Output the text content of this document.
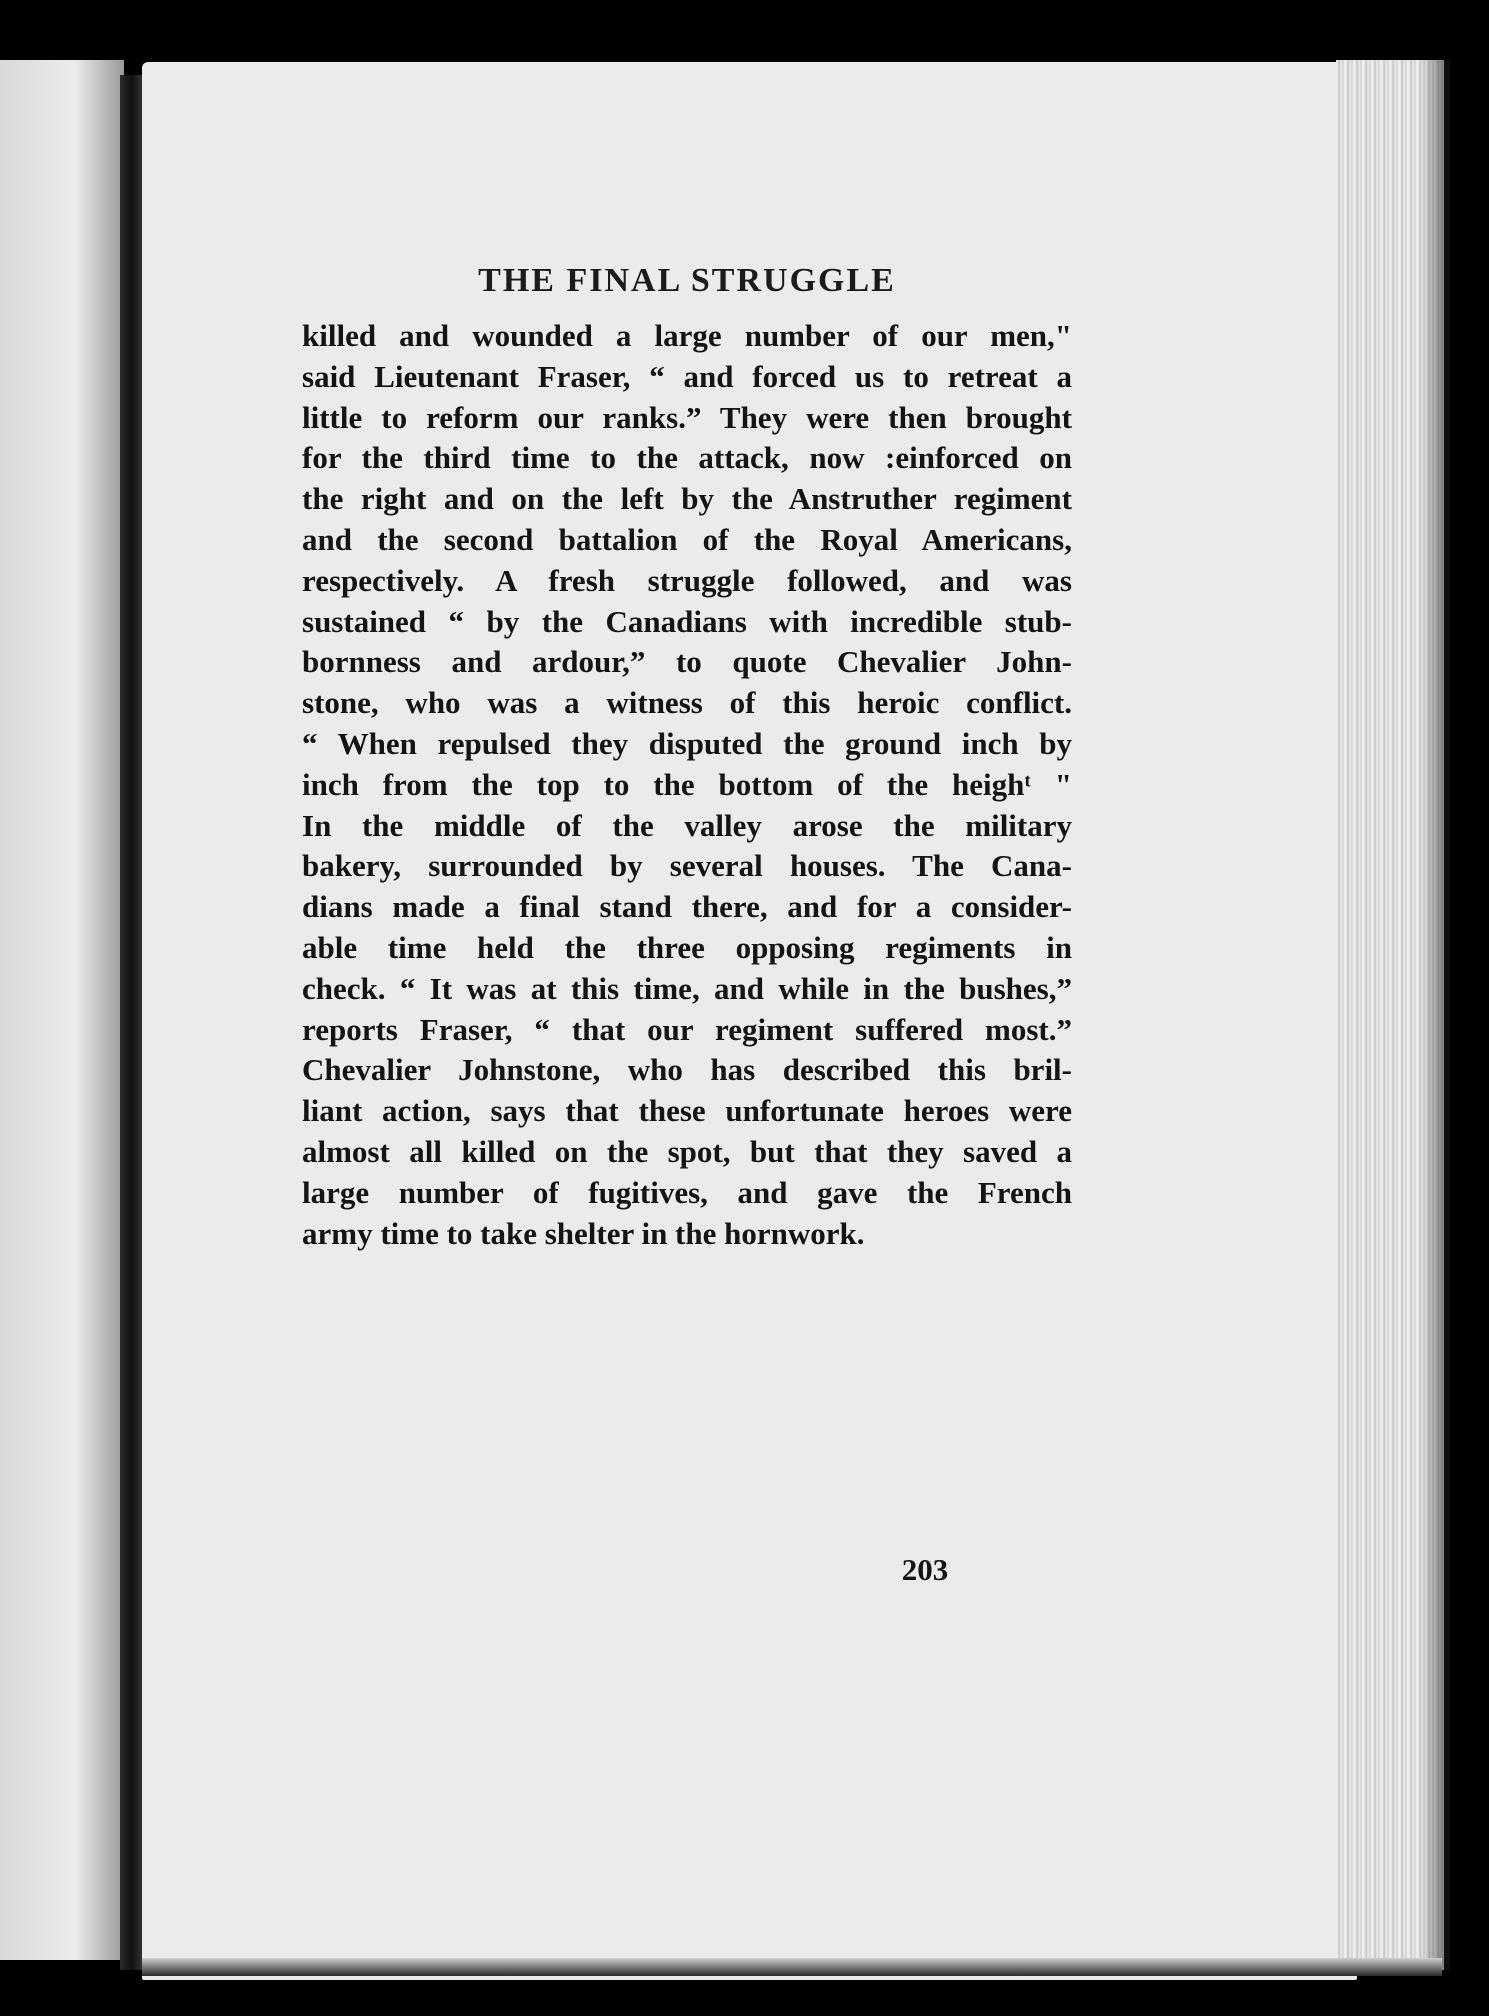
THE FINAL STRUGGLE
killed and wounded a large number of our men,"
said Lieutenant Fraser, “ and forced us to retreat a
little to reform our ranks.” They were then brought
for the third time to the attack, now :einforced on
the right and on the left by the Anstruther regiment
and the second battalion of the Royal Americans,
respectively. A fresh struggle followed, and was
sustained “ by the Canadians with incredible stub-
bornness and ardour,” to quote Chevalier John-
stone, who was a witness of this heroic conflict.
“ When repulsed they disputed the ground inch by
inch from the top to the bottom of the heighᵗ "
In the middle of the valley arose the military
bakery, surrounded by several houses. The Cana-
dians made a final stand there, and for a consider-
able time held the three opposing regiments in
check. “ It was at this time, and while in the bushes,”
reports Fraser, “ that our regiment suffered most.”
Chevalier Johnstone, who has described this bril-
liant action, says that these unfortunate heroes were
almost all killed on the spot, but that they saved a
large number of fugitives, and gave the French
army time to take shelter in the hornwork.
203
